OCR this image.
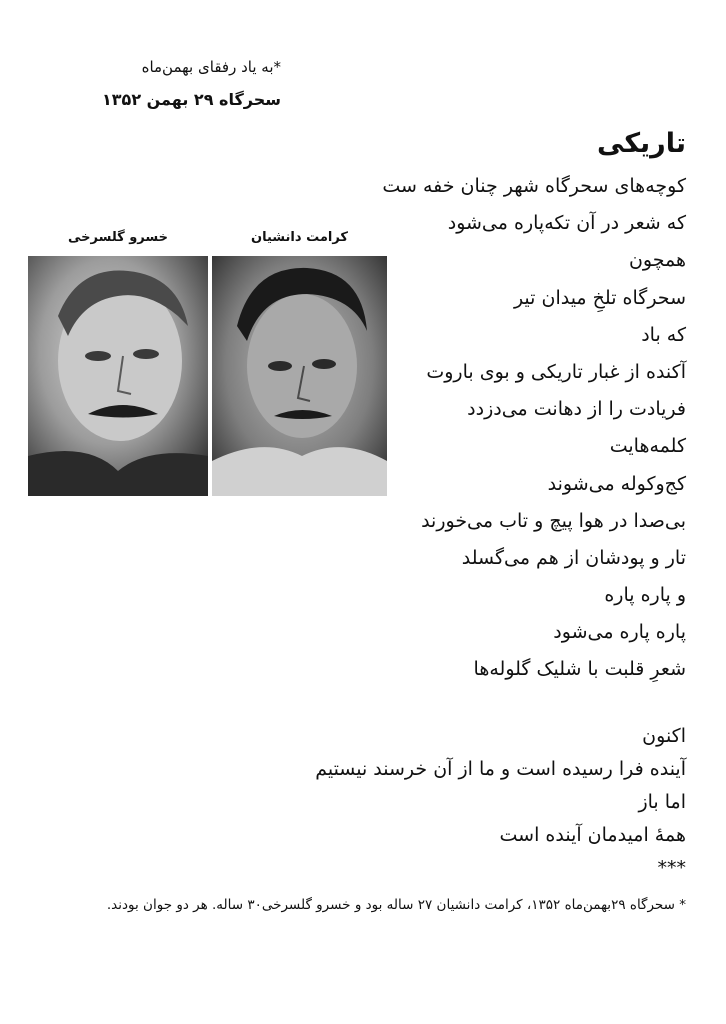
*به یاد رفقای بهمن‌ماه
سحرگاه ۲۹ بهمن ۱۳۵۲
خسرو گلسرخی	کرامت دانشیان
تاریکی
کوچه‌های سحرگاه شهر چنان خفه ست
که شعر در آن تکه‌پاره می‌شود
همچون
سحرگاه تلخِ میدان تیر
که باد
آکنده از غبار تاریکی و بوی باروت
فریادت را از دهانت می‌دزدد
کلمه‌هایت
کج‌وکوله می‌شوند
بی‌صدا در هوا پیچ و تاب می‌خورند
تار و پودشان از هم می‌گسلد
و پاره پاره
پاره پاره می‌شود
شعرِ قلبت با شلیک گلوله‌ها
اکنون
آینده فرا رسیده است و ما از آن خرسند نیستیم
اما باز
همهٔ امیدمان آینده است
***
* سحرگاه ۲۹بهمن‌ماه ۱۳۵۲، کرامت دانشیان ۲۷ ساله بود و خسرو گلسرخی۳۰ ساله. هر دو جوان بودند.
